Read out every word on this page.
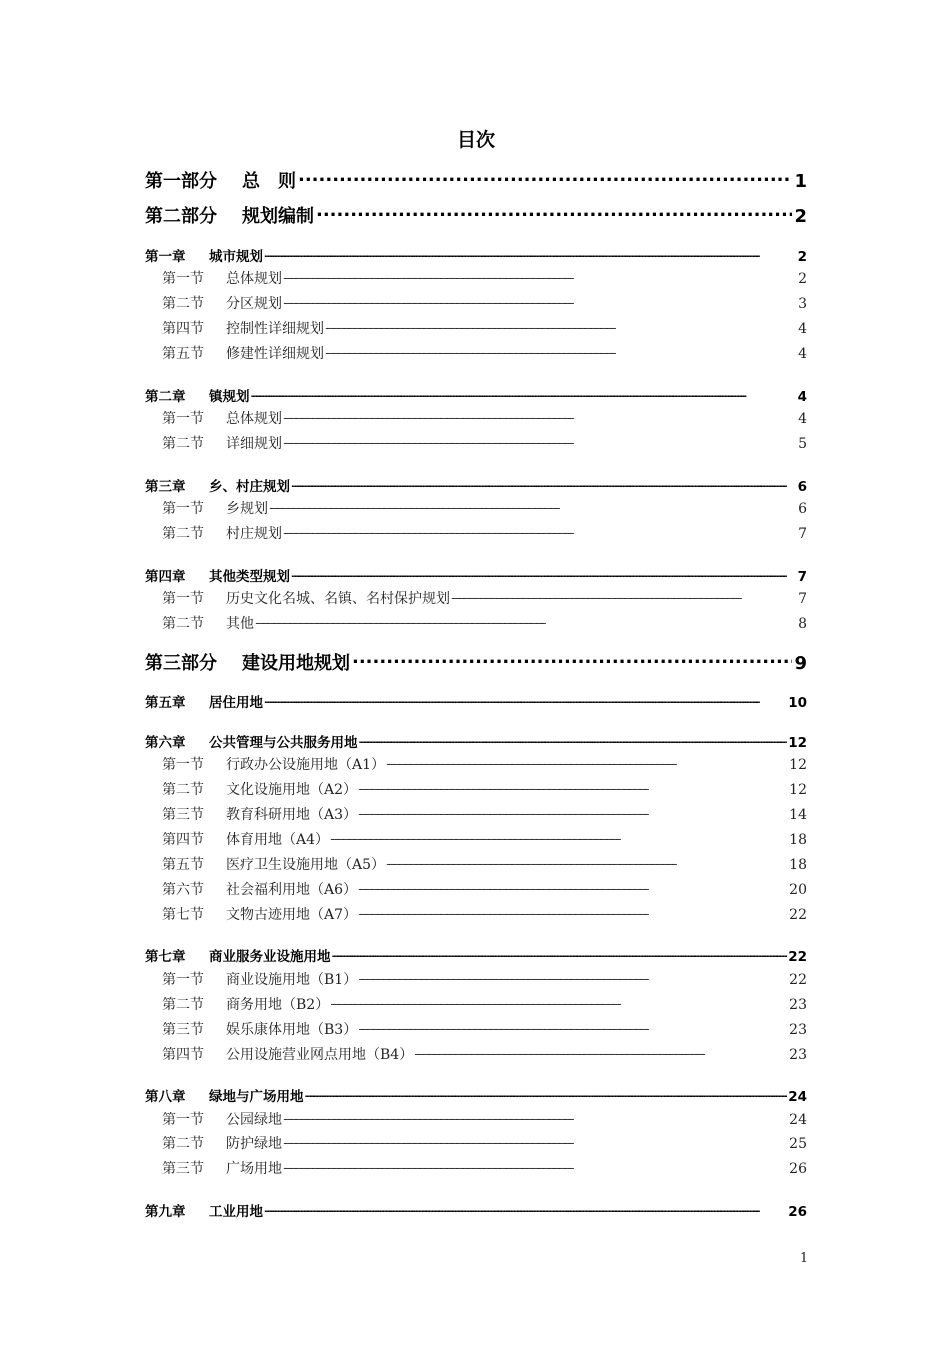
目次
第一部分	总　则 .....	1
第二部分	规划编制 .....	2
第一章	城市规划 .....	2
第一节	总体规划 .....	2
第二节	分区规划 .....	3
第四节	控制性详细规划 .....	4
第五节	修建性详细规划 .....	4
第二章	镇规划 .....	4
第一节	总体规划 .....	4
第二节	详细规划 .....	5
第三章	乡、村庄规划 .....	6
第一节	乡规划 .....	6
第二节	村庄规划 .....	7
第四章	其他类型规划 .....	7
第一节	历史文化名城、名镇、名村保护规划 .....	7
第二节	其他 .....	8
第三部分	建设用地规划 .....	9
第五章	居住用地 .....	10
第六章	公共管理与公共服务用地 .....	12
第一节	行政办公设施用地（A1） .....	12
第二节	文化设施用地（A2） .....	12
第三节	教育科研用地（A3） .....	14
第四节	体育用地（A4） .....	18
第五节	医疗卫生设施用地（A5） .....	18
第六节	社会福利用地（A6） .....	20
第七节	文物古迹用地（A7） .....	22
第七章	商业服务业设施用地 .....	22
第一节	商业设施用地（B1） .....	22
第二节	商务用地（B2） .....	23
第三节	娱乐康体用地（B3） .....	23
第四节	公用设施营业网点用地（B4） .....	23
第八章	绿地与广场用地 .....	24
第一节	公园绿地 .....	24
第二节	防护绿地 .....	25
第三节	广场用地 .....	26
第九章	工业用地 .....	26
1
